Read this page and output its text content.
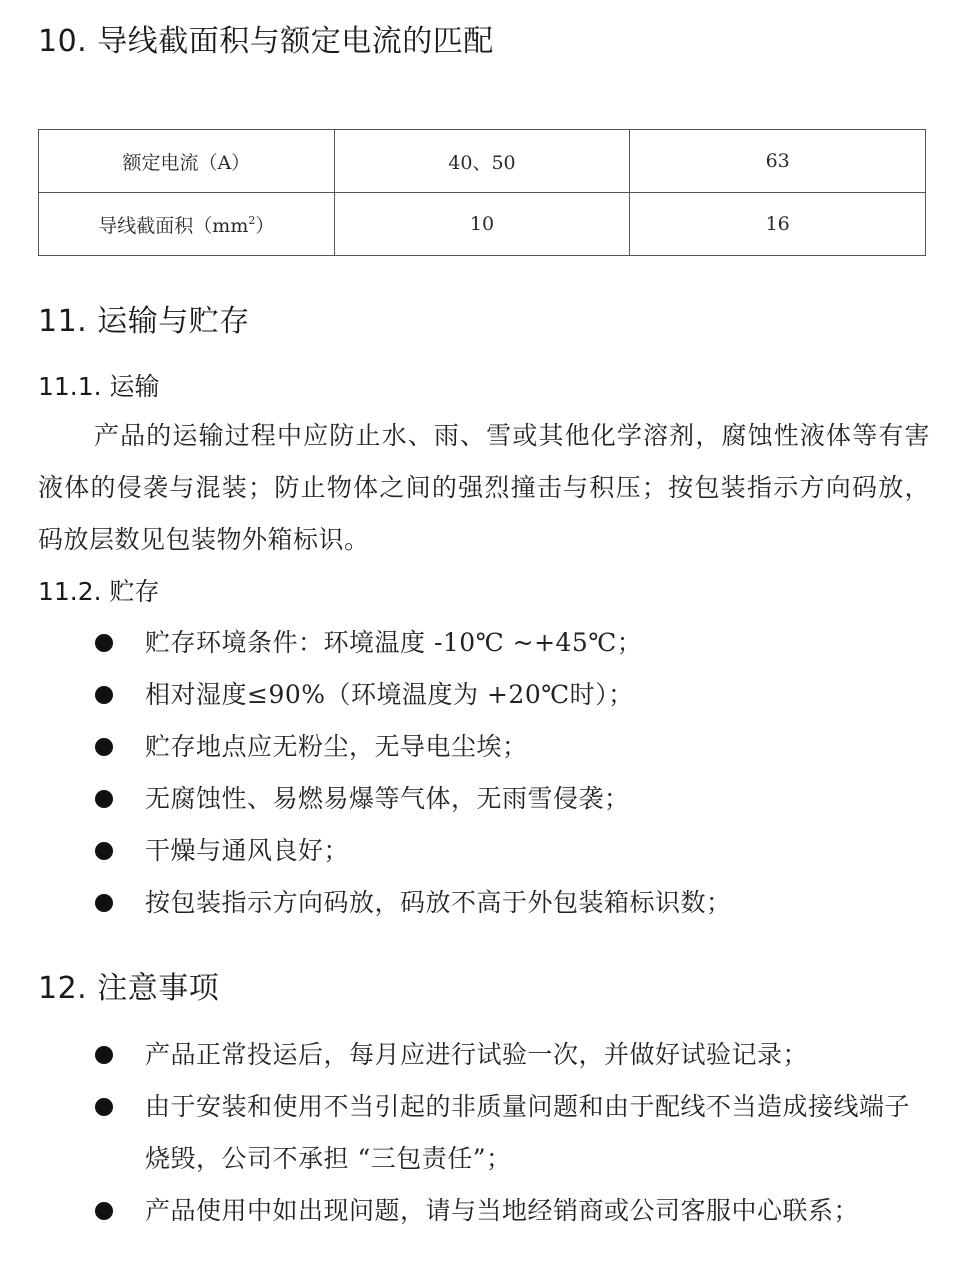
10. 导线截面积与额定电流的匹配
额定电流（A）	40、50	63
导线截面积$(mm^2)$	10	16
11. 运输与贮存
11.1. 运输

产品的运输过程中应防止水、雨、雪或其他化学溶剂，腐蚀性液体等有害液体的侵袭与混装；防止物体之间的强烈撞击与积压；按包装指示方向码放，码放层数见包装物外箱标识。

11.2. 贮存
贮存环境条件：环境温度 -10℃ ~+45℃；
相对湿度≤90%（环境温度为 +20℃时）；
贮存地点应无粉尘，无导电尘埃；
无腐蚀性、易燃易爆等气体，无雨雪侵袭；
干燥与通风良好；
按包装指示方向码放，码放不高于外包装箱标识数；
12. 注意事项
产品正常投运后，每月应进行试验一次，并做好试验记录；
由于安装和使用不当引起的非质量问题和由于配线不当造成接线端子烧毁，公司不承担 “三包责任”；
产品使用中如出现问题，请与当地经销商或公司客服中心联系；
